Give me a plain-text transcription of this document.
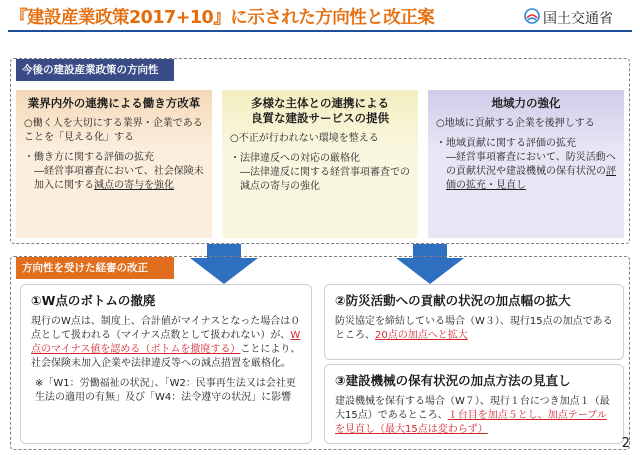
『建設産業政策2017+10』に示された方向性と改正案	国土交通省
今後の建設産業政策の方向性
業界内外の連携による働き方改革
○働く人を大切にする業界・企業であることを「見える化」する
・働き方に関する評価の拡充
―経営事項審査において、社会保険未加入に関する減点の寄与を強化
多様な主体との連携による
良質な建設サービスの提供
○不正が行われない環境を整える
・法律違反への対応の厳格化
―法律違反に関する経営事項審査での減点の寄与の強化
地域力の強化
○地域に貢献する企業を後押しする
・地域貢献に関する評価の拡充
―経営事項審査において、防災活動への貢献状況や建設機械の保有状況の評価の拡充・見直し
方向性を受けた経審の改正
①W点のボトムの撤廃
現行のW点は、制度上、合計値がマイナスとなった場合は０点として扱われる（マイナス点数として扱われない）が、W点のマイナス値を認める（ボトムを撤廃する）ことにより、社会保険未加入企業や法律違反等への減点措置を厳格化。
※「W1：労働福祉の状況」、「W2：民事再生法又は会社更生法の適用の有無」及び「W4：法令遵守の状況」に影響
②防災活動への貢献の状況の加点幅の拡大
防災協定を締結している場合（W３）、現行15点の加点であるところ、20点の加点へと拡大
③建設機械の保有状況の加点方法の見直し
建設機械を保有する場合（W７）、現行１台につき加点１（最大15点）であるところ、１台目を加点５とし、加点テーブルを見直し（最大15点は変わらず）
2
